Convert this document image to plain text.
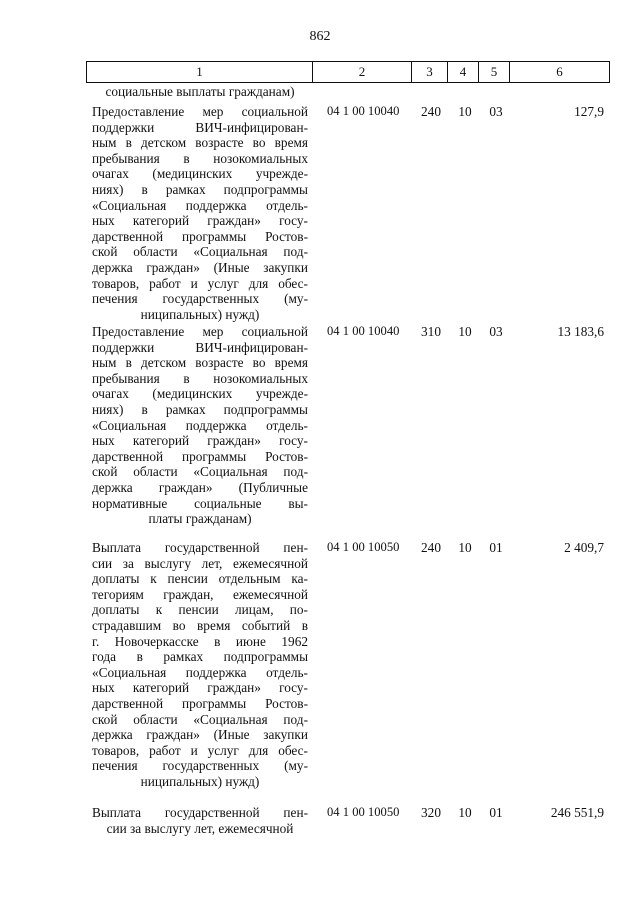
862
1	2	3	4	5	6
социальные выплаты гражданам)
Предоставление мер социальной
поддержки ВИЧ-инфицирован-
ным в детском возрасте во время
пребывания в нозокомиальных
очагах (медицинских учрежде-
ниях) в рамках подпрограммы
«Социальная поддержка отдель-
ных категорий граждан» госу-
дарственной программы Ростов-
ской области «Социальная под-
держка граждан» (Иные закупки
товаров, работ и услуг для обес-
печения государственных (му-
ниципальных) нужд)
04 1 00 10040	240	10	03	127,9
Предоставление мер социальной
поддержки ВИЧ-инфицирован-
ным в детском возрасте во время
пребывания в нозокомиальных
очагах (медицинских учрежде-
ниях) в рамках подпрограммы
«Социальная поддержка отдель-
ных категорий граждан» госу-
дарственной программы Ростов-
ской области «Социальная под-
держка граждан» (Публичные
нормативные социальные вы-
платы гражданам)
04 1 00 10040	310	10	03	13 183,6
Выплата государственной пен-
сии за выслугу лет, ежемесячной
доплаты к пенсии отдельным ка-
тегориям граждан, ежемесячной
доплаты к пенсии лицам, по-
страдавшим во время событий в
г. Новочеркасске в июне 1962
года в рамках подпрограммы
«Социальная поддержка отдель-
ных категорий граждан» госу-
дарственной программы Ростов-
ской области «Социальная под-
держка граждан» (Иные закупки
товаров, работ и услуг для обес-
печения государственных (му-
ниципальных) нужд)
04 1 00 10050	240	10	01	2 409,7
Выплата государственной пен-
сии за выслугу лет, ежемесячной
04 1 00 10050	320	10	01	246 551,9
